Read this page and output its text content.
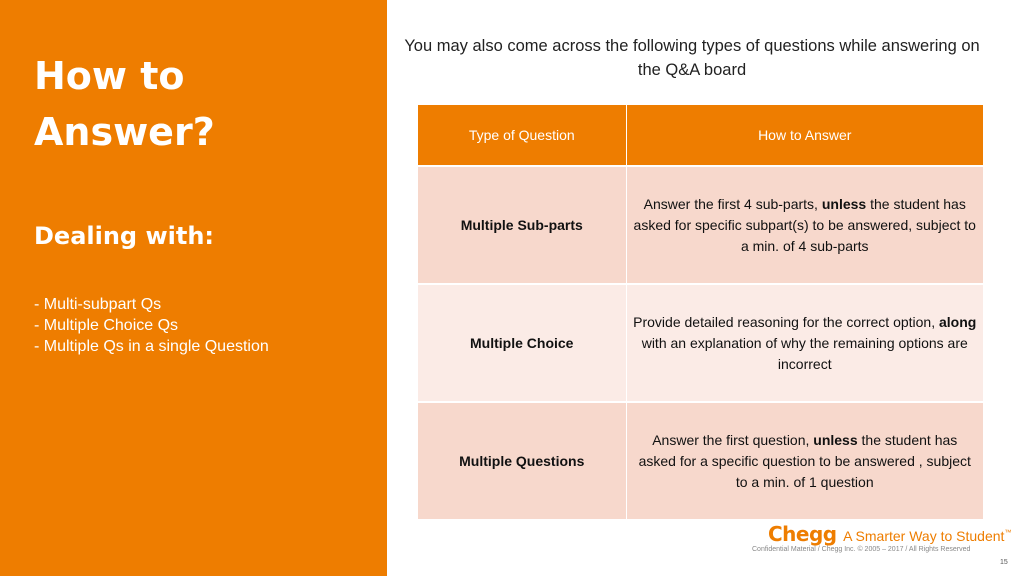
How to
Answer?
Dealing with:
- Multi-subpart Qs
- Multiple Choice Qs
- Multiple Qs in a single Question
You may also come across the following types of questions while answering on the Q&A board
Type of Question	How to Answer
Multiple Sub-parts	Answer the first 4 sub-parts, unless the student has asked for specific subpart(s) to be answered, subject to a min. of 4 sub-parts
Multiple Choice	Provide detailed reasoning for the correct option, along with an explanation of why the remaining options are incorrect
Multiple Questions	Answer the first question, unless the student has asked for a specific question to be answered , subject to a min. of 1 question
Chegg A Smarter Way to Student™
Confidential Material / Chegg Inc. © 2005 – 2017 / All Rights Reserved
15
